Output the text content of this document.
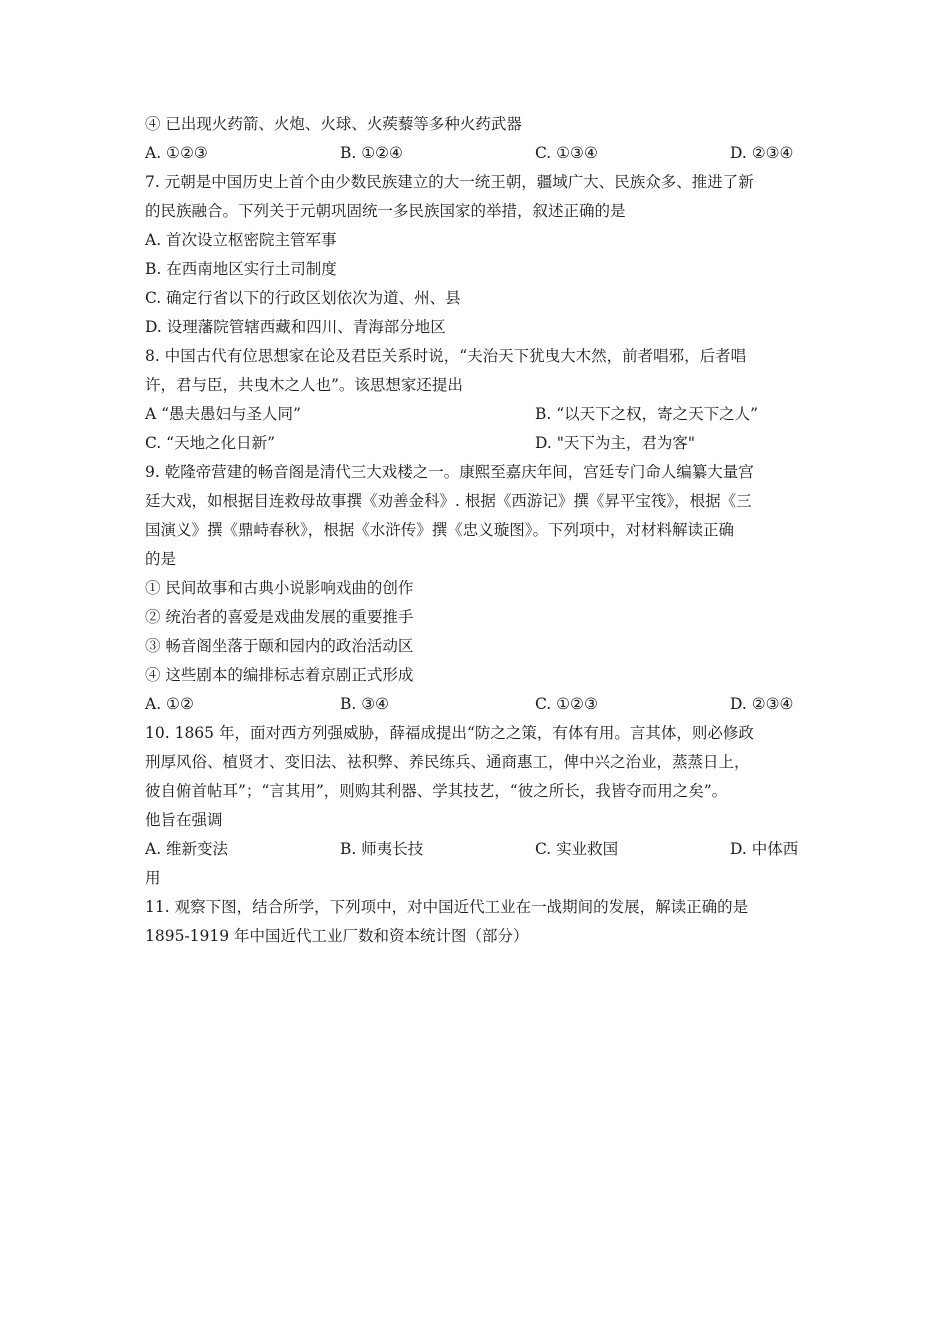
④ 已出现火药箭、火炮、火球、火蒺藜等多种火药武器
A. ①②③	B. ①②④	C. ①③④	D. ②③④
7. 元朝是中国历史上首个由少数民族建立的大一统王朝，疆域广大、民族众多、推进了新
的民族融合。下列关于元朝巩固统一多民族国家的举措，叙述正确的是
A. 首次设立枢密院主管军事
B. 在西南地区实行土司制度
C. 确定行省以下的行政区划依次为道、州、县
D. 设理藩院管辖西藏和四川、青海部分地区
8. 中国古代有位思想家在论及君臣关系时说，“夫治天下犹曳大木然，前者唱邪，后者唱
许，君与臣，共曳木之人也”。该思想家还提出
A “愚夫愚妇与圣人同”	B. “以天下之权，寄之天下之人”
C. “天地之化日新”	D. "天下为主，君为客"
9. 乾隆帝营建的畅音阁是清代三大戏楼之一。康熙至嘉庆年间，宫廷专门命人编纂大量宫
廷大戏，如根据目连救母故事撰《劝善金科》. 根据《西游记》撰《昇平宝筏》，根据《三
国演义》撰《鼎峙春秋》，根据《水浒传》撰《忠义璇图》。下列项中，对材料解读正确
的是
① 民间故事和古典小说影响戏曲的创作
② 统治者的喜爱是戏曲发展的重要推手
③ 畅音阁坐落于颐和园内的政治活动区
④ 这些剧本的编排标志着京剧正式形成
A. ①②	B. ③④	C. ①②③	D. ②③④
10. 1865 年，面对西方列强威胁，薛福成提出“防之之策，有体有用。言其体，则必修政
刑厚风俗、植贤才、变旧法、袪积弊、养民练兵、通商惠工，俾中兴之治业，蒸蒸日上，
彼自俯首帖耳”；“言其用”，则购其利器、学其技艺，“彼之所长，我皆夺而用之矣”。
他旨在强调
A. 维新变法	B. 师夷长技	C. 实业救国	D. 中体西
用
11. 观察下图，结合所学，下列项中，对中国近代工业在一战期间的发展，解读正确的是
1895-1919 年中国近代工业厂数和资本统计图（部分）
